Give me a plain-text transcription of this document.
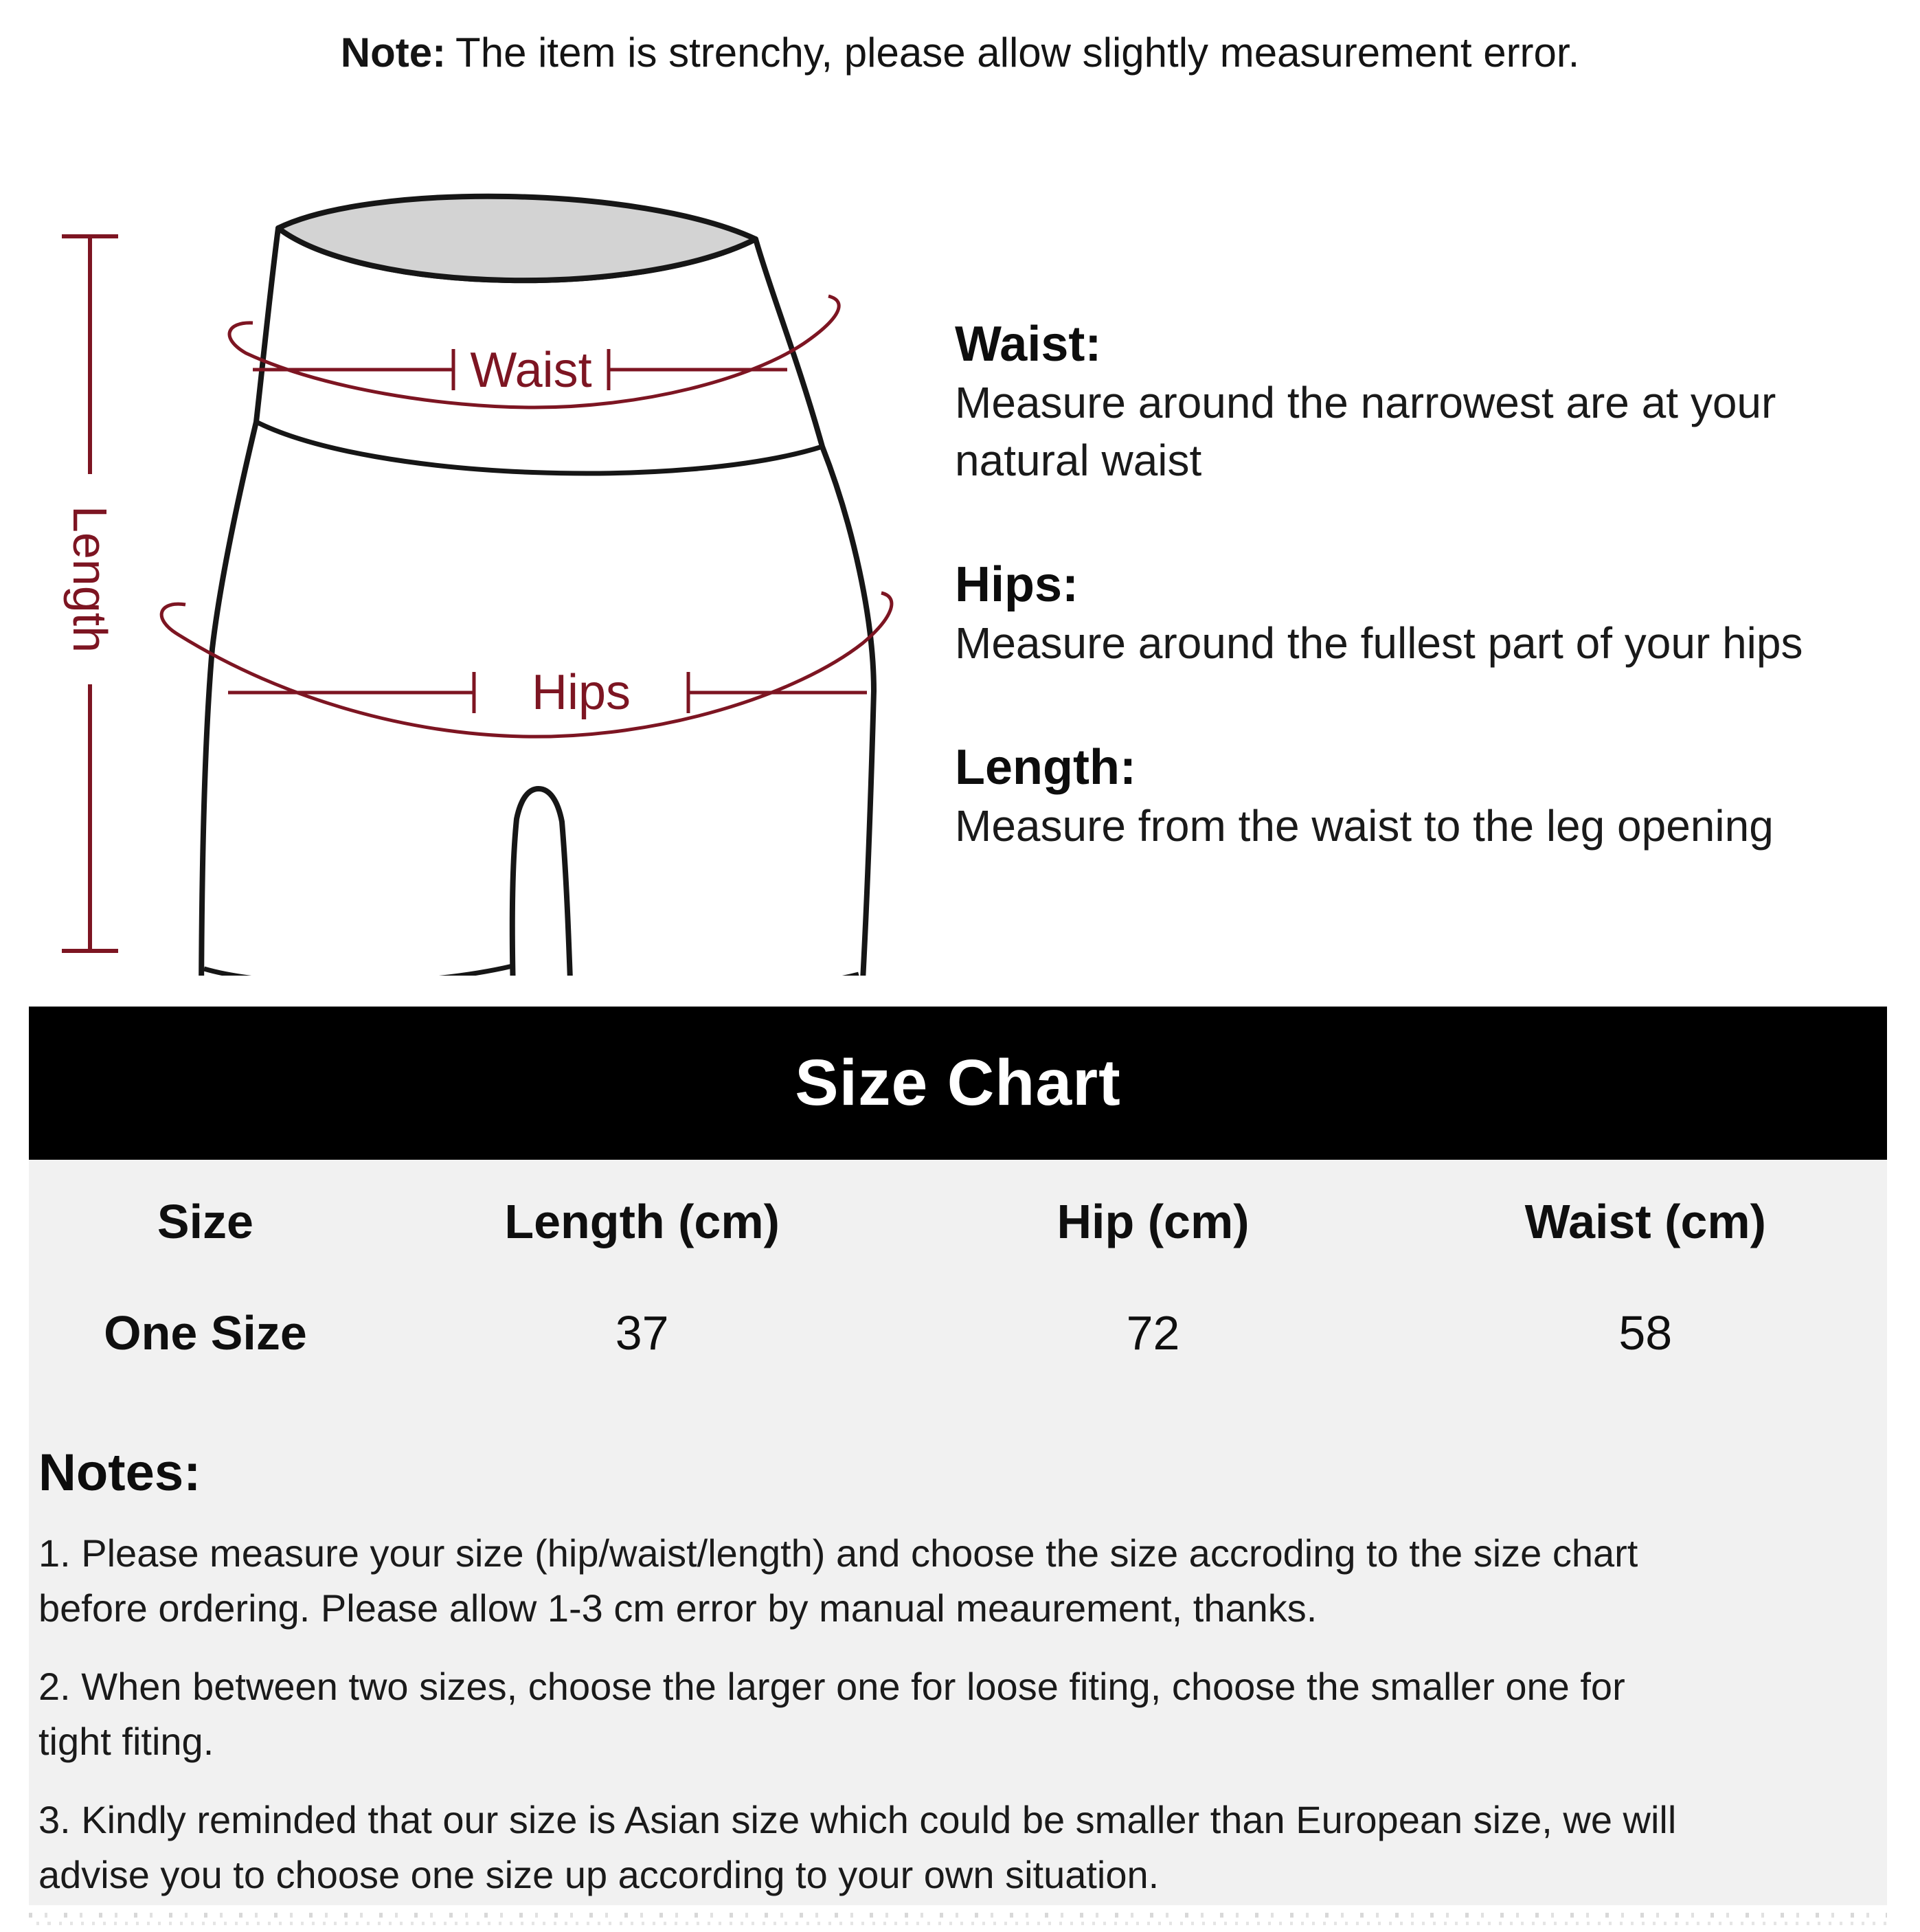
Note: The item is strenchy, please allow slightly measurement error.
Length
Waist
Hips
Waist:
Measure around the narrowest are at your
natural waist
Hips:
Measure around the fullest part of your hips
Length:
Measure from the waist to the leg opening
Size Chart
Size	Length (cm)	Hip (cm)	Waist (cm)
One Size	37	72	58
Notes:
1. Please measure your size (hip/waist/length) and choose the size accroding to the size chart
before ordering. Please allow 1-3 cm error by manual meaurement, thanks.
2. When between two sizes, choose the larger one for loose fiting, choose the smaller one for
tight fiting.
3. Kindly reminded that our size is Asian size which could be smaller than European size, we will
advise you to choose one size up according to your own situation.
